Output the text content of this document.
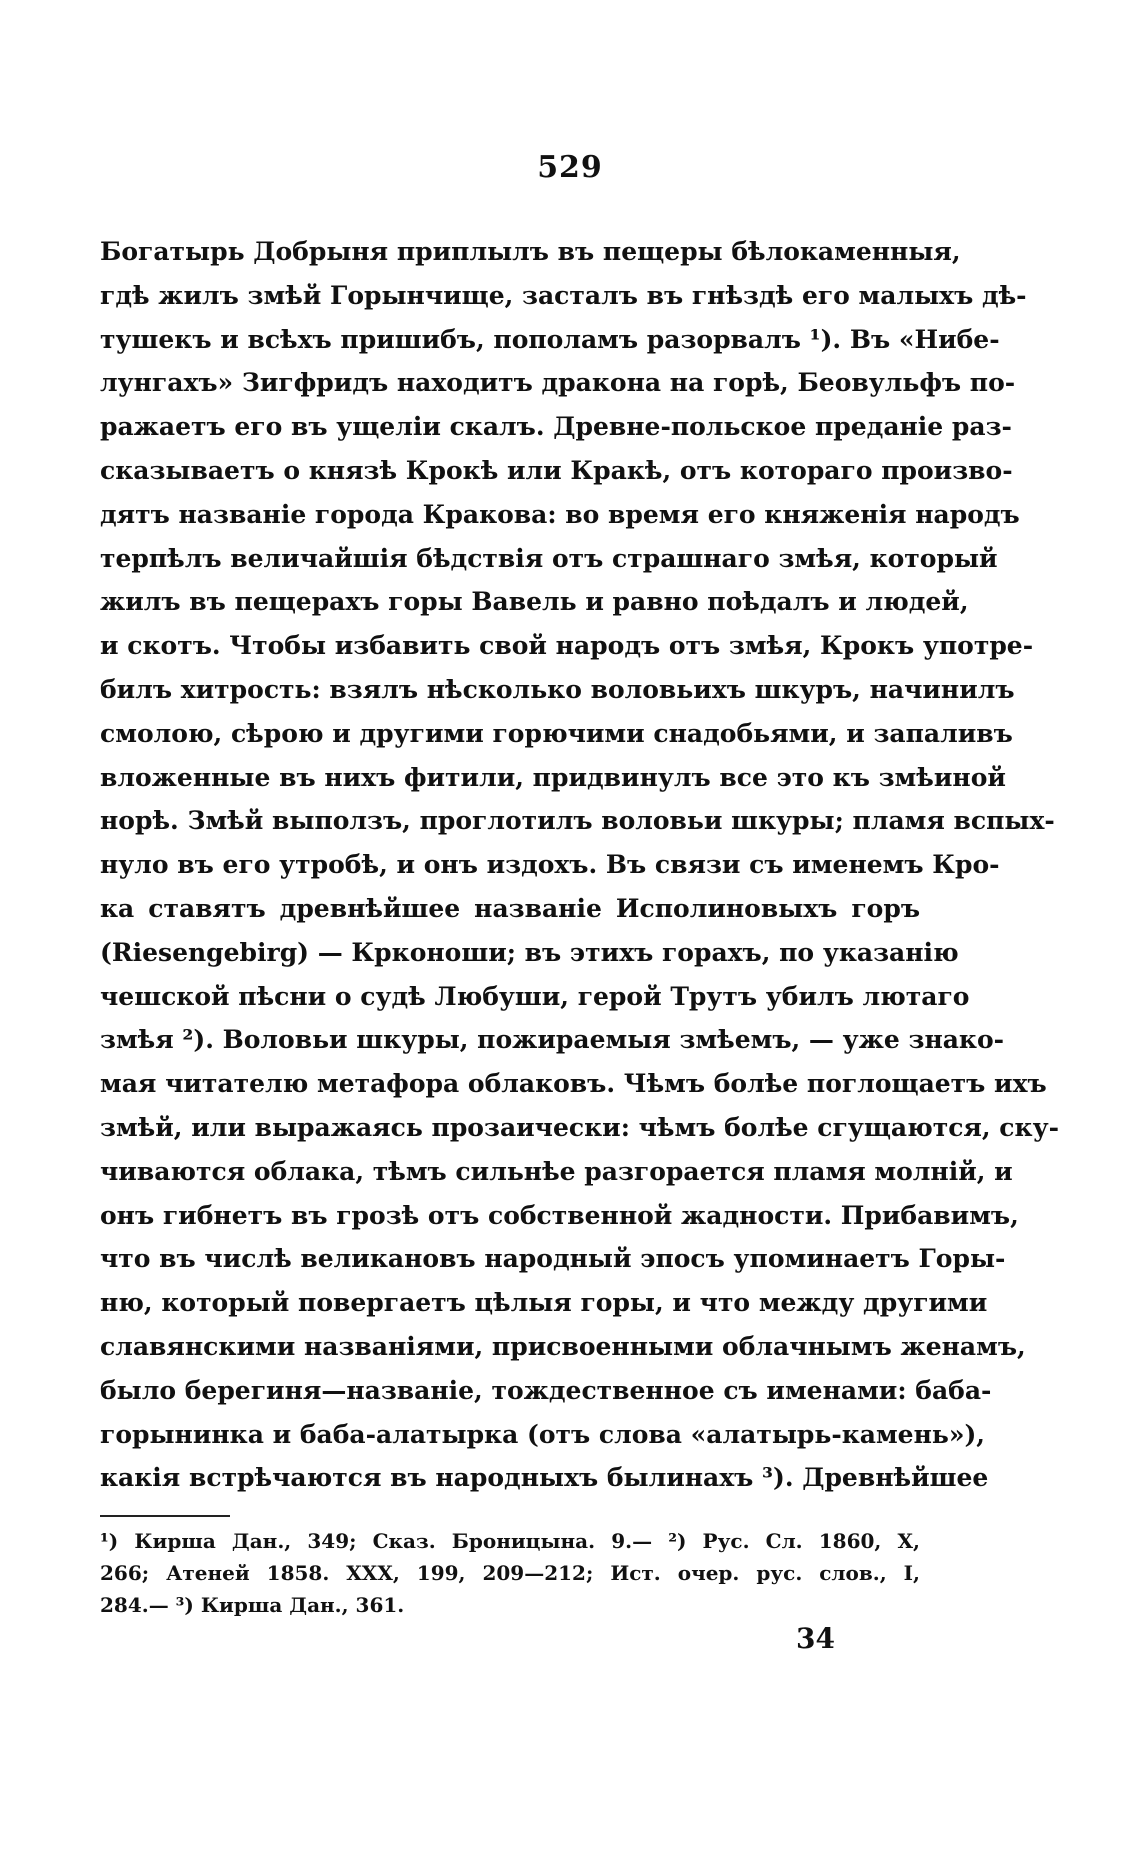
529
Богатырь Добрыня приплылъ въ пещеры бѣлокаменныя,
гдѣ жилъ змѣй Горынчище, засталъ въ гнѣздѣ его малыхъ дѣ-
тушекъ и всѣхъ пришибъ, пополамъ разорвалъ ¹). Въ «Нибе-
лунгахъ» Зигфридъ находитъ дракона на горѣ, Беовульфъ по-
ражаетъ его въ ущеліи скалъ. Древне-польское преданіе раз-
сказываетъ о князѣ Крокѣ или Кракѣ, отъ котораго произво-
дятъ названіе города Кракова: во время его княженія народъ
терпѣлъ величайшія бѣдствія отъ страшнаго змѣя, который
жилъ въ пещерахъ горы Вавель и равно поѣдалъ и людей,
и скотъ. Чтобы избавить свой народъ отъ змѣя, Крокъ употре-
билъ хитрость: взялъ нѣсколько воловьихъ шкуръ, начинилъ
смолою, сѣрою и другими горючими снадобьями, и запаливъ
вложенные въ нихъ фитили, придвинулъ все это къ змѣиной
норѣ. Змѣй выползъ, проглотилъ воловьи шкуры; пламя вспых-
нуло въ его утробѣ, и онъ издохъ. Въ связи съ именемъ Кро-
ка ставятъ древнѣйшее названіе Исполиновыхъ горъ
(Riesengebirg) — Крконоши; въ этихъ горахъ, по указанію
чешской пѣсни о судѣ Любуши, герой Трутъ убилъ лютаго
змѣя ²). Воловьи шкуры, пожираемыя змѣемъ, — уже знако-
мая читателю метафора облаковъ. Чѣмъ болѣе поглощаетъ ихъ
змѣй, или выражаясь прозаически: чѣмъ болѣе сгущаются, ску-
чиваются облака, тѣмъ сильнѣе разгорается пламя молній, и
онъ гибнетъ въ грозѣ отъ собственной жадности. Прибавимъ,
что въ числѣ великановъ народный эпосъ упоминаетъ Горы-
ню, который повергаетъ цѣлыя горы, и что между другими
славянскими названіями, присвоенными облачнымъ женамъ,
было берегиня—названіе, тождественное съ именами: баба-
горынинка и баба-алатырка (отъ слова «алатырь-камень»),
какія встрѣчаются въ народныхъ былинахъ ³). Древнѣйшее
¹) Кирша Дан., 349; Сказ. Броницына. 9.— ²) Рус. Сл. 1860, X,
266; Атеней 1858. XXX, 199, 209—212; Ист. очер. рус. слов., I,
284.— ³) Кирша Дан., 361.
34
